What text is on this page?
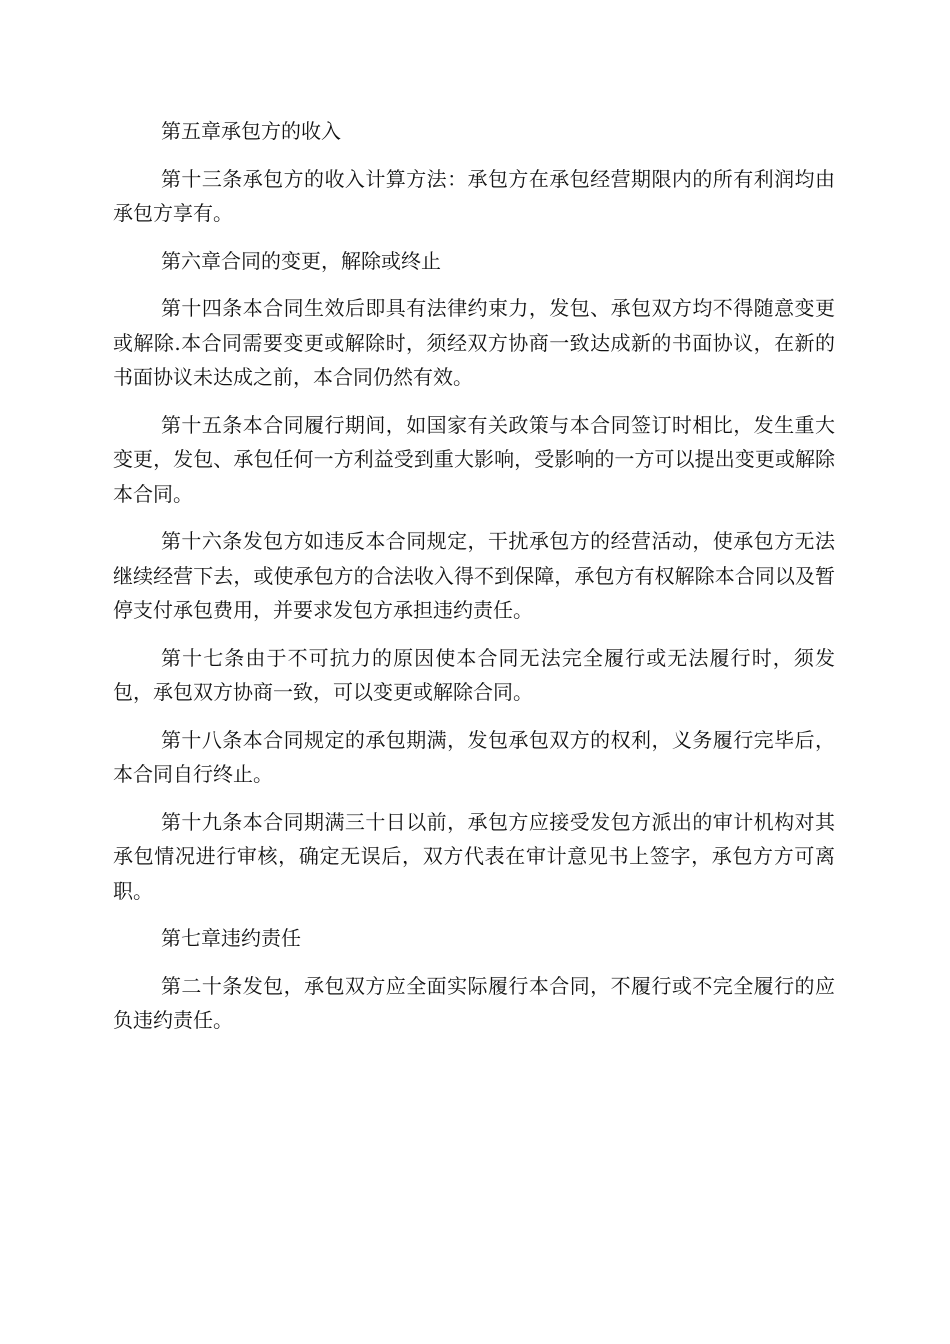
第五章承包方的收入

第十三条承包方的收入计算方法：承包方在承包经营期限内的所有利润均由承包方享有。

第六章合同的变更，解除或终止

第十四条本合同生效后即具有法律约束力，发包、承包双方均不得随意变更或解除.本合同需要变更或解除时，须经双方协商一致达成新的书面协议，在新的书面协议未达成之前，本合同仍然有效。

第十五条本合同履行期间，如国家有关政策与本合同签订时相比，发生重大变更，发包、承包任何一方利益受到重大影响，受影响的一方可以提出变更或解除本合同。

第十六条发包方如违反本合同规定，干扰承包方的经营活动，使承包方无法继续经营下去，或使承包方的合法收入得不到保障，承包方有权解除本合同以及暂停支付承包费用，并要求发包方承担违约责任。

第十七条由于不可抗力的原因使本合同无法完全履行或无法履行时，须发包，承包双方协商一致，可以变更或解除合同。

第十八条本合同规定的承包期满，发包承包双方的权利，义务履行完毕后，本合同自行终止。

第十九条本合同期满三十日以前，承包方应接受发包方派出的审计机构对其承包情况进行审核，确定无误后，双方代表在审计意见书上签字，承包方方可离职。

第七章违约责任

第二十条发包，承包双方应全面实际履行本合同，不履行或不完全履行的应负违约责任。
